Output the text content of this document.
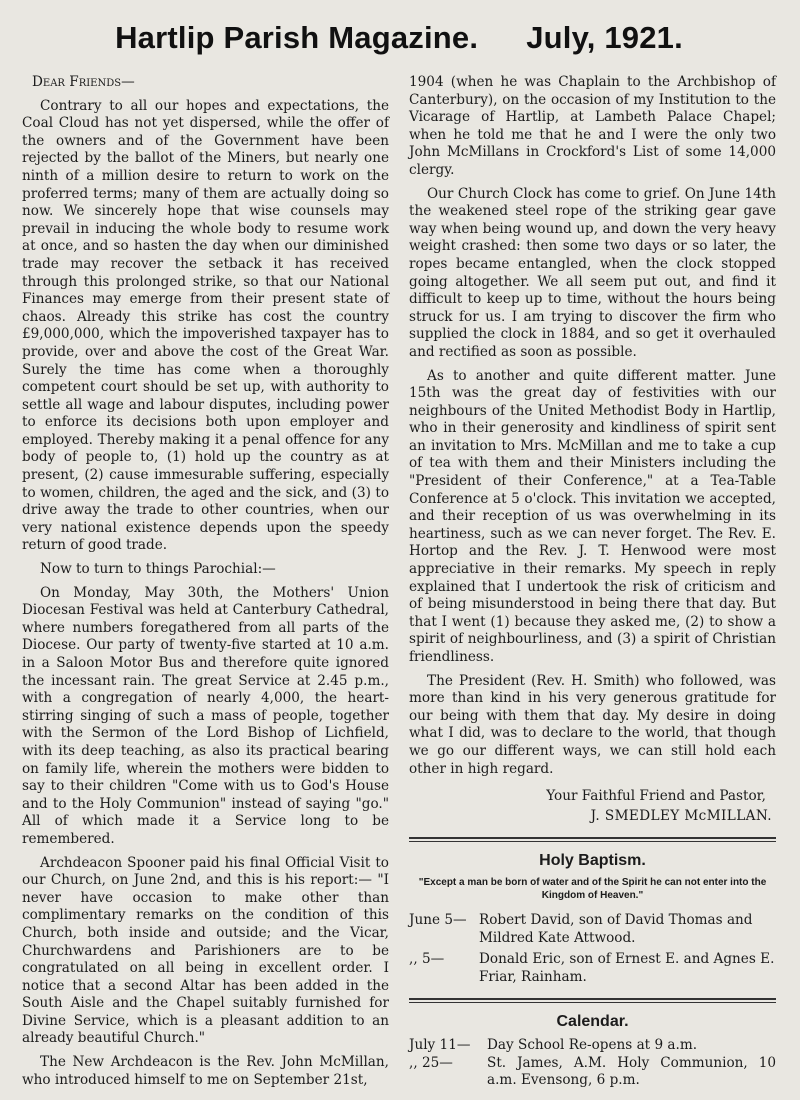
Hartlip Parish Magazine. July, 1921.

Dear Friends—

Contrary to all our hopes and expectations, the Coal Cloud has not yet dispersed, while the offer of the owners and of the Government have been rejected by the ballot of the Miners, but nearly one ninth of a million desire to return to work on the proferred terms; many of them are actually doing so now. We sincerely hope that wise counsels may prevail in inducing the whole body to resume work at once, and so hasten the day when our diminished trade may recover the setback it has received through this prolonged strike, so that our National Finances may emerge from their present state of chaos. Already this strike has cost the country £9,000,000, which the impoverished taxpayer has to provide, over and above the cost of the Great War. Surely the time has come when a thoroughly competent court should be set up, with authority to settle all wage and labour disputes, including power to enforce its decisions both upon employer and employed. Thereby making it a penal offence for any body of people to, (1) hold up the country as at present, (2) cause immesurable suffering, especially to women, children, the aged and the sick, and (3) to drive away the trade to other countries, when our very national existence depends upon the speedy return of good trade.

Now to turn to things Parochial:—

On Monday, May 30th, the Mothers' Union Diocesan Festival was held at Canterbury Cathedral, where numbers foregathered from all parts of the Diocese. Our party of twenty-five started at 10 a.m. in a Saloon Motor Bus and therefore quite ignored the incessant rain. The great Service at 2.45 p.m., with a congregation of nearly 4,000, the heart-stirring singing of such a mass of people, together with the Sermon of the Lord Bishop of Lichfield, with its deep teaching, as also its practical bearing on family life, wherein the mothers were bidden to say to their children "Come with us to God's House and to the Holy Communion" instead of saying "go." All of which made it a Service long to be remembered.

Archdeacon Spooner paid his final Official Visit to our Church, on June 2nd, and this is his report:— "I never have occasion to make other than complimentary remarks on the condition of this Church, both inside and outside; and the Vicar, Churchwardens and Parishioners are to be congratulated on all being in excellent order. I notice that a second Altar has been added in the South Aisle and the Chapel suitably furnished for Divine Service, which is a pleasant addition to an already beautiful Church."

The New Archdeacon is the Rev. John McMillan, who introduced himself to me on September 21st,

1904 (when he was Chaplain to the Archbishop of Canterbury), on the occasion of my Institution to the Vicarage of Hartlip, at Lambeth Palace Chapel; when he told me that he and I were the only two John McMillans in Crockford's List of some 14,000 clergy.

Our Church Clock has come to grief. On June 14th the weakened steel rope of the striking gear gave way when being wound up, and down the very heavy weight crashed: then some two days or so later, the ropes became entangled, when the clock stopped going altogether. We all seem put out, and find it difficult to keep up to time, without the hours being struck for us. I am trying to discover the firm who supplied the clock in 1884, and so get it overhauled and rectified as soon as possible.

As to another and quite different matter. June 15th was the great day of festivities with our neighbours of the United Methodist Body in Hartlip, who in their generosity and kindliness of spirit sent an invitation to Mrs. McMillan and me to take a cup of tea with them and their Ministers including the "President of their Conference," at a Tea-Table Conference at 5 o'clock. This invitation we accepted, and their reception of us was overwhelming in its heartiness, such as we can never forget. The Rev. E. Hortop and the Rev. J. T. Henwood were most appreciative in their remarks. My speech in reply explained that I undertook the risk of criticism and of being misunderstood in being there that day. But that I went (1) because they asked me, (2) to show a spirit of neighbourliness, and (3) a spirit of Christian friendliness.

The President (Rev. H. Smith) who followed, was more than kind in his very generous gratitude for our being with them that day. My desire in doing what I did, was to declare to the world, that though we go our different ways, we can still hold each other in high regard.

Your Faithful Friend and Pastor,

J. SMEDLEY McMILLAN.

Holy Baptism.
"Except a man be born of water and of the Spirit he can not enter into the Kingdom of Heaven."
June 5— Robert David, son of David Thomas and Mildred Kate Attwood.
,, 5—	Donald Eric, son of Ernest E. and Agnes E. Friar, Rainham.
Calendar.
July 11—	Day School Re-opens at 9 a.m.
,, 25—	St. James, A.M. Holy Communion, 10 a.m. Evensong, 6 p.m.
